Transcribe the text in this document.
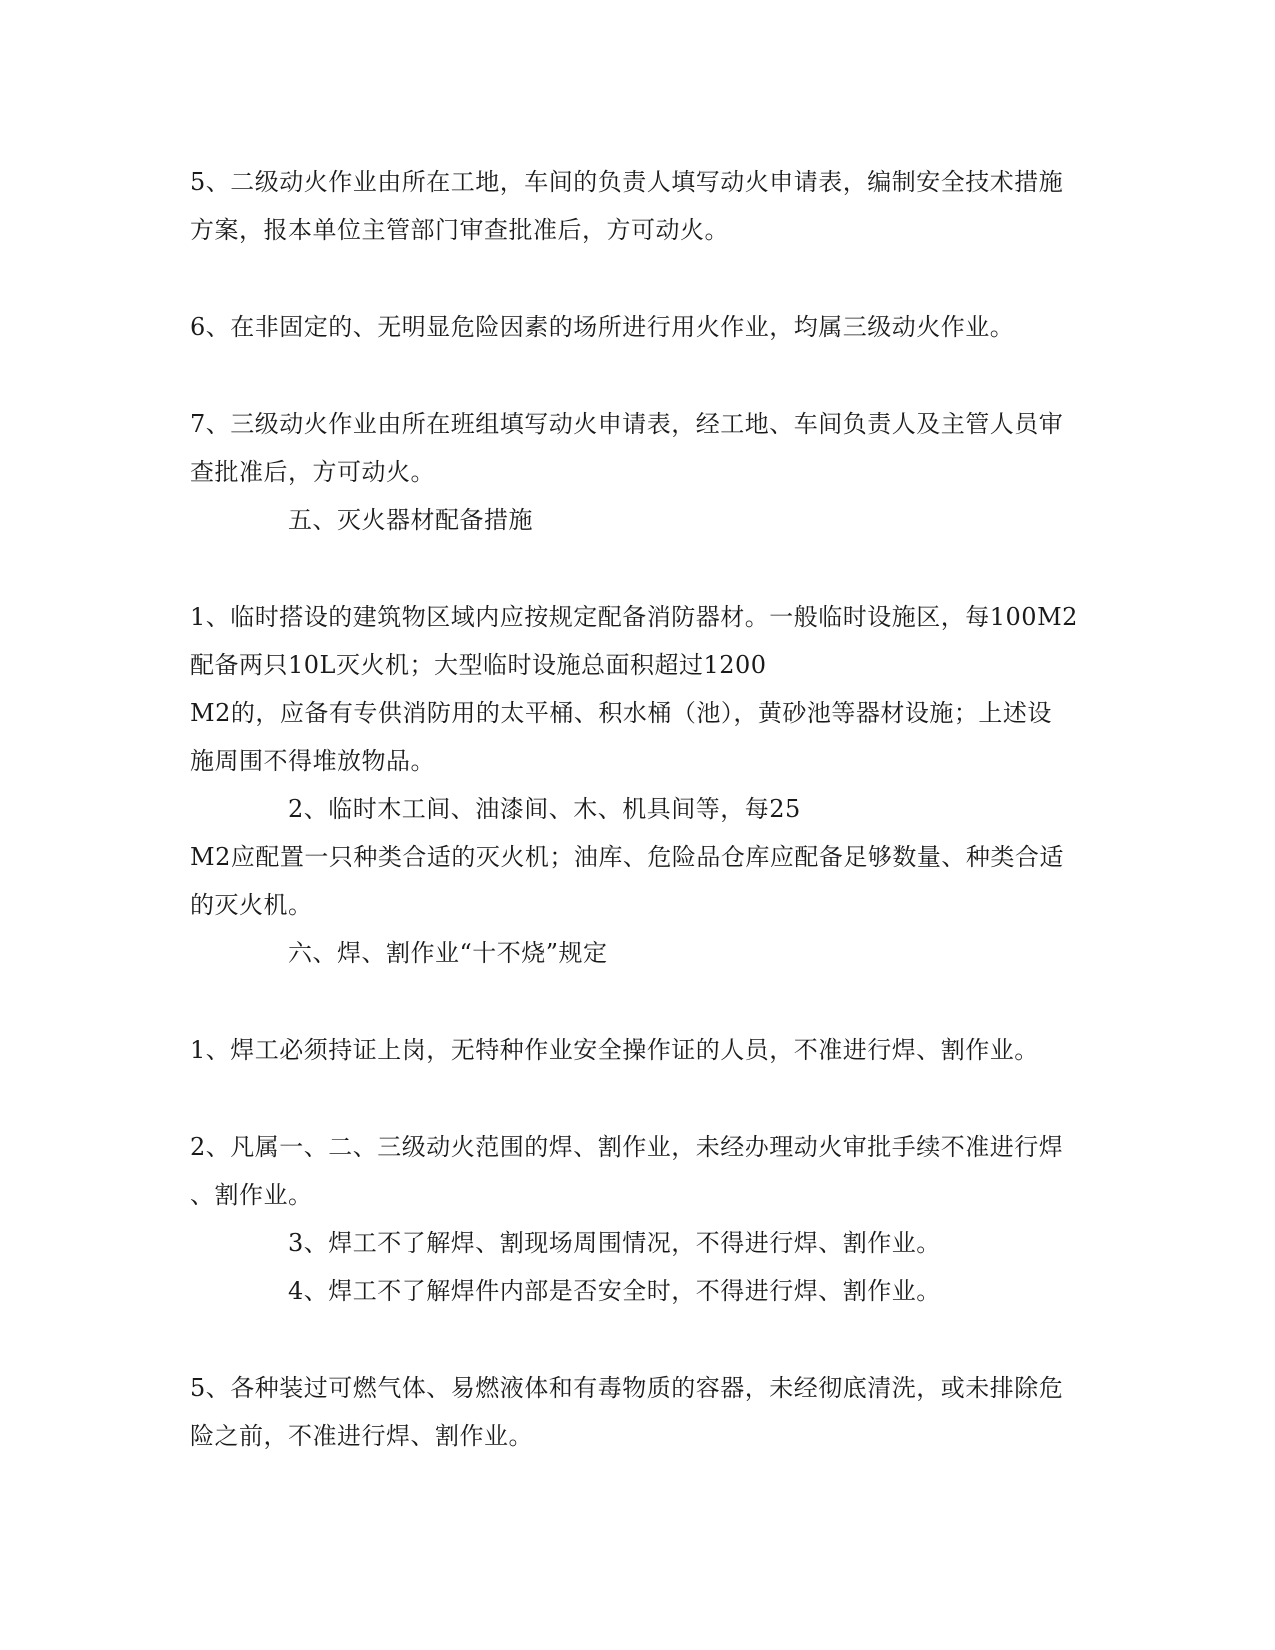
5、二级动火作业由所在工地，车间的负责人填写动火申请表，编制安全技术措施
方案，报本单位主管部门审查批准后，方可动火。
6、在非固定的、无明显危险因素的场所进行用火作业，均属三级动火作业。
7、三级动火作业由所在班组填写动火申请表，经工地、车间负责人及主管人员审
查批准后，方可动火。
五、灭火器材配备措施
1、临时搭设的建筑物区域内应按规定配备消防器材。一般临时设施区，每100M2
配备两只10L灭火机；大型临时设施总面积超过1200
M2的，应备有专供消防用的太平桶、积水桶（池），黄砂池等器材设施；上述设
施周围不得堆放物品。
2、临时木工间、油漆间、木、机具间等，每25
M2应配置一只种类合适的灭火机；油库、危险品仓库应配备足够数量、种类合适
的灭火机。
六、焊、割作业“十不烧”规定
1、焊工必须持证上岗，无特种作业安全操作证的人员，不准进行焊、割作业。
2、凡属一、二、三级动火范围的焊、割作业，未经办理动火审批手续不准进行焊
、割作业。
3、焊工不了解焊、割现场周围情况，不得进行焊、割作业。
4、焊工不了解焊件内部是否安全时，不得进行焊、割作业。
5、各种装过可燃气体、易燃液体和有毒物质的容器，未经彻底清洗，或未排除危
险之前，不准进行焊、割作业。
